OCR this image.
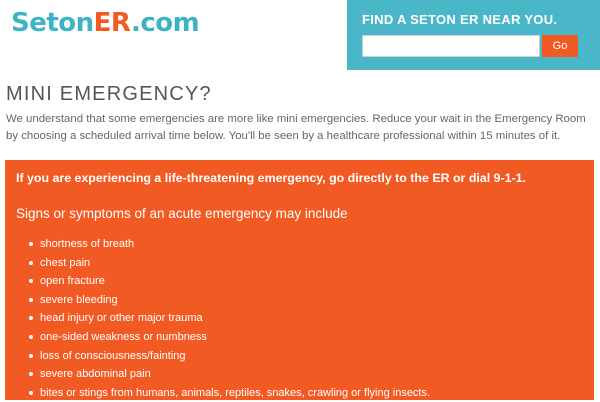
SetonER.com	FIND A SETON ER NEAR YOU.
Go
MINI EMERGENCY?

We understand that some emergencies are more like mini emergencies. Reduce your wait in the Emergency Room by choosing a scheduled arrival time below. You'll be seen by a healthcare professional within 15 minutes of it.

If you are experiencing a life-threatening emergency, go directly to the ER or dial 9-1-1.

Signs or symptoms of an acute emergency may include

shortness of breath
chest pain
open fracture
severe bleeding
head injury or other major trauma
one-sided weakness or numbness
loss of consciousness/fainting
severe abdominal pain
bites or stings from humans, animals, reptiles, snakes, crawling or flying insects.
